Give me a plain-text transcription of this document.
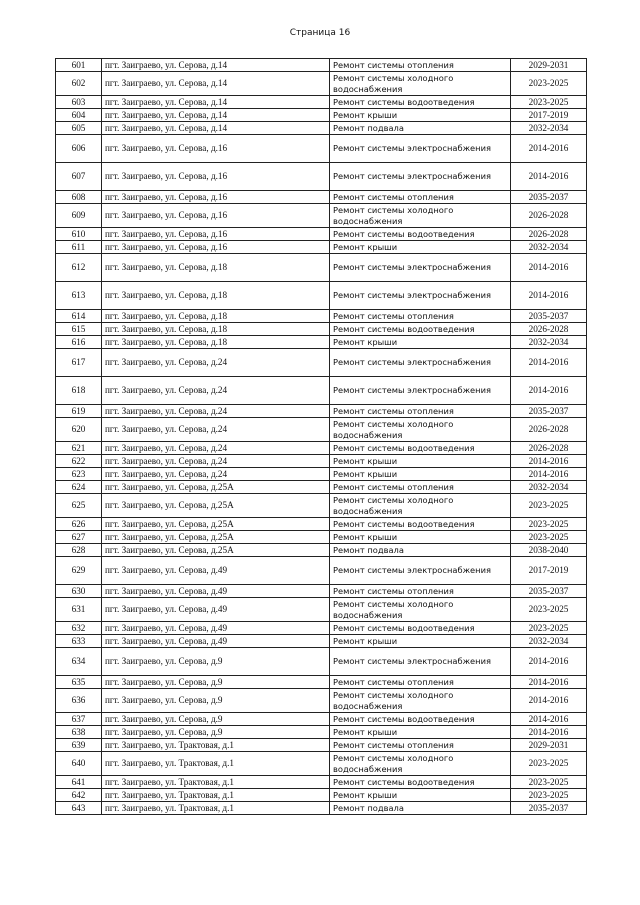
Страница 16
601	пгт. Заиграево, ул. Серова, д.14	Ремонт системы отопления	2029-2031
602	пгт. Заиграево, ул. Серова, д.14	Ремонт системы холодного водоснабжения	2023-2025
603	пгт. Заиграево, ул. Серова, д.14	Ремонт системы водоотведения	2023-2025
604	пгт. Заиграево, ул. Серова, д.14	Ремонт крыши	2017-2019
605	пгт. Заиграево, ул. Серова, д.14	Ремонт подвала	2032-2034
606	пгт. Заиграево, ул. Серова, д.16	Ремонт системы электроснабжения	2014-2016
607	пгт. Заиграево, ул. Серова, д.16	Ремонт системы электроснабжения	2014-2016
608	пгт. Заиграево, ул. Серова, д.16	Ремонт системы отопления	2035-2037
609	пгт. Заиграево, ул. Серова, д.16	Ремонт системы холодного водоснабжения	2026-2028
610	пгт. Заиграево, ул. Серова, д.16	Ремонт системы водоотведения	2026-2028
611	пгт. Заиграево, ул. Серова, д.16	Ремонт крыши	2032-2034
612	пгт. Заиграево, ул. Серова, д.18	Ремонт системы электроснабжения	2014-2016
613	пгт. Заиграево, ул. Серова, д.18	Ремонт системы электроснабжения	2014-2016
614	пгт. Заиграево, ул. Серова, д.18	Ремонт системы отопления	2035-2037
615	пгт. Заиграево, ул. Серова, д.18	Ремонт системы водоотведения	2026-2028
616	пгт. Заиграево, ул. Серова, д.18	Ремонт крыши	2032-2034
617	пгт. Заиграево, ул. Серова, д.24	Ремонт системы электроснабжения	2014-2016
618	пгт. Заиграево, ул. Серова, д.24	Ремонт системы электроснабжения	2014-2016
619	пгт. Заиграево, ул. Серова, д.24	Ремонт системы отопления	2035-2037
620	пгт. Заиграево, ул. Серова, д.24	Ремонт системы холодного водоснабжения	2026-2028
621	пгт. Заиграево, ул. Серова, д.24	Ремонт системы водоотведения	2026-2028
622	пгт. Заиграево, ул. Серова, д.24	Ремонт крыши	2014-2016
623	пгт. Заиграево, ул. Серова, д.24	Ремонт крыши	2014-2016
624	пгт. Заиграево, ул. Серова, д.25А	Ремонт системы отопления	2032-2034
625	пгт. Заиграево, ул. Серова, д.25А	Ремонт системы холодного водоснабжения	2023-2025
626	пгт. Заиграево, ул. Серова, д.25А	Ремонт системы водоотведения	2023-2025
627	пгт. Заиграево, ул. Серова, д.25А	Ремонт крыши	2023-2025
628	пгт. Заиграево, ул. Серова, д.25А	Ремонт подвала	2038-2040
629	пгт. Заиграево, ул. Серова, д.49	Ремонт системы электроснабжения	2017-2019
630	пгт. Заиграево, ул. Серова, д.49	Ремонт системы отопления	2035-2037
631	пгт. Заиграево, ул. Серова, д.49	Ремонт системы холодного водоснабжения	2023-2025
632	пгт. Заиграево, ул. Серова, д.49	Ремонт системы водоотведения	2023-2025
633	пгт. Заиграево, ул. Серова, д.49	Ремонт крыши	2032-2034
634	пгт. Заиграево, ул. Серова, д.9	Ремонт системы электроснабжения	2014-2016
635	пгт. Заиграево, ул. Серова, д.9	Ремонт системы отопления	2014-2016
636	пгт. Заиграево, ул. Серова, д.9	Ремонт системы холодного водоснабжения	2014-2016
637	пгт. Заиграево, ул. Серова, д.9	Ремонт системы водоотведения	2014-2016
638	пгт. Заиграево, ул. Серова, д.9	Ремонт крыши	2014-2016
639	пгт. Заиграево, ул. Трактовая, д.1	Ремонт системы отопления	2029-2031
640	пгт. Заиграево, ул. Трактовая, д.1	Ремонт системы холодного водоснабжения	2023-2025
641	пгт. Заиграево, ул. Трактовая, д.1	Ремонт системы водоотведения	2023-2025
642	пгт. Заиграево, ул. Трактовая, д.1	Ремонт крыши	2023-2025
643	пгт. Заиграево, ул. Трактовая, д.1	Ремонт подвала	2035-2037
